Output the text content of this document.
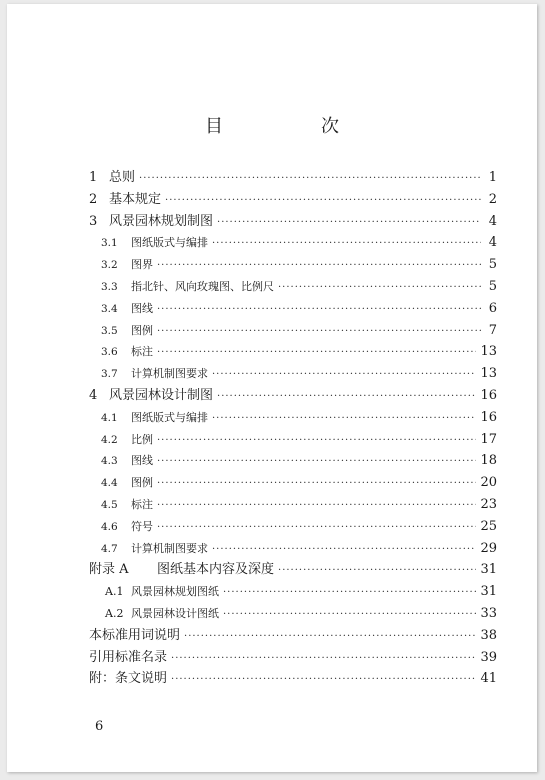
目　次
1 总则 ·····	1
2 基本规定 ·····	2
3 风景园林规划制图 ·····	4
3.1	图纸版式与编排 ·····	4
3.2	图界 ·····	5
3.3	指北针、风向玫瑰图、比例尺 ·····	5
3.4	图线 ·····	6
3.5	图例 ·····	7
3.6	标注 ·····	13
3.7	计算机制图要求 ·····	13
4 风景园林设计制图 ·····	16
4.1	图纸版式与编排 ·····	16
4.2	比例 ·····	17
4.3	图线 ·····	18
4.4	图例 ·····	20
4.5	标注 ·····	23
4.6	符号 ·····	25
4.7	计算机制图要求 ·····	29
附录 A	图纸基本内容及深度 ·····	31
A.1 风景园林规划图纸 ·····	31
A.2 风景园林设计图纸 ·····	33
本标准用词说明 ·····	38
引用标准名录 ·····	39
附：条文说明 ·····	41
6
